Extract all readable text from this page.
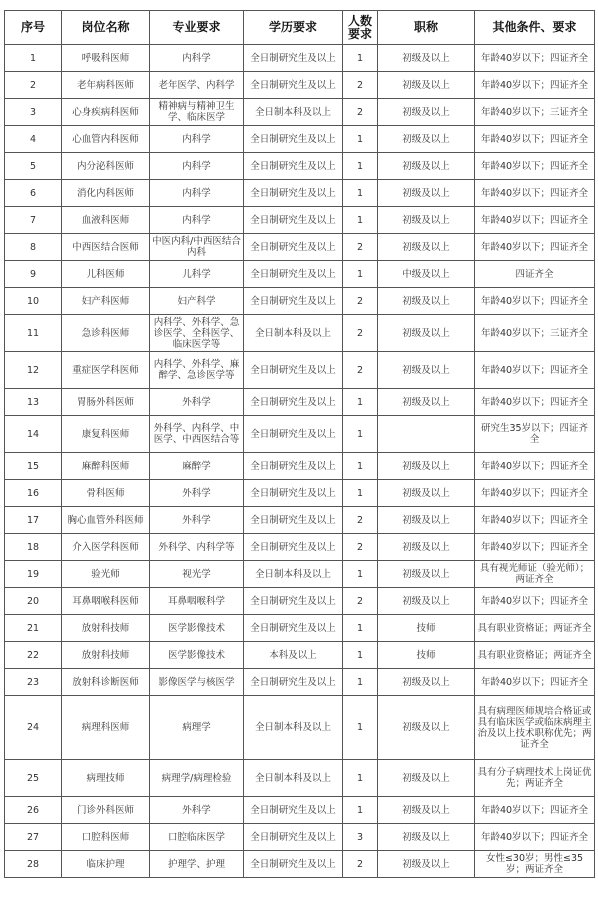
序号	岗位名称	专业要求	学历要求	人数要求	职称	其他条件、要求
1	呼吸科医师	内科学	全日制研究生及以上	1	初级及以上	年龄40岁以下；四证齐全
2	老年病科医师	老年医学、内科学	全日制研究生及以上	2	初级及以上	年龄40岁以下；四证齐全
3	心身疾病科医师	精神病与精神卫生学、临床医学	全日制本科及以上	2	初级及以上	年龄40岁以下；三证齐全
4	心血管内科医师	内科学	全日制研究生及以上	1	初级及以上	年龄40岁以下；四证齐全
5	内分泌科医师	内科学	全日制研究生及以上	1	初级及以上	年龄40岁以下；四证齐全
6	消化内科医师	内科学	全日制研究生及以上	1	初级及以上	年龄40岁以下；四证齐全
7	血液科医师	内科学	全日制研究生及以上	1	初级及以上	年龄40岁以下；四证齐全
8	中西医结合医师	中医内科/中西医结合内科	全日制研究生及以上	2	初级及以上	年龄40岁以下；四证齐全
9	儿科医师	儿科学	全日制研究生及以上	1	中级及以上	四证齐全
10	妇产科医师	妇产科学	全日制研究生及以上	2	初级及以上	年龄40岁以下；四证齐全
11	急诊科医师	内科学、外科学、急诊医学、全科医学、临床医学等	全日制本科及以上	2	初级及以上	年龄40岁以下；三证齐全
12	重症医学科医师	内科学、外科学、麻醉学、急诊医学等	全日制研究生及以上	2	初级及以上	年龄40岁以下；四证齐全
13	胃肠外科医师	外科学	全日制研究生及以上	1	初级及以上	年龄40岁以下；四证齐全
14	康复科医师	外科学、内科学、中医学、中西医结合等	全日制研究生及以上	1		研究生35岁以下；四证齐全
15	麻醉科医师	麻醉学	全日制研究生及以上	1	初级及以上	年龄40岁以下；四证齐全
16	骨科医师	外科学	全日制研究生及以上	1	初级及以上	年龄40岁以下；四证齐全
17	胸心血管外科医师	外科学	全日制研究生及以上	2	初级及以上	年龄40岁以下；四证齐全
18	介入医学科医师	外科学、内科学等	全日制研究生及以上	2	初级及以上	年龄40岁以下；四证齐全
19	验光师	视光学	全日制本科及以上	1	初级及以上	具有视光师证（验光师）；两证齐全
20	耳鼻咽喉科医师	耳鼻咽喉科学	全日制研究生及以上	2	初级及以上	年龄40岁以下；四证齐全
21	放射科技师	医学影像技术	全日制研究生及以上	1	技师	具有职业资格证；两证齐全
22	放射科技师	医学影像技术	本科及以上	1	技师	具有职业资格证；两证齐全
23	放射科诊断医师	影像医学与核医学	全日制研究生及以上	1	初级及以上	年龄40岁以下；四证齐全
24	病理科医师	病理学	全日制本科及以上	1	初级及以上	具有病理医师规培合格证或具有临床医学或临床病理主治及以上技术职称优先；两证齐全
25	病理技师	病理学/病理检验	全日制本科及以上	1	初级及以上	具有分子病理技术上岗证优先；两证齐全
26	门诊外科医师	外科学	全日制研究生及以上	1	初级及以上	年龄40岁以下；四证齐全
27	口腔科医师	口腔临床医学	全日制研究生及以上	3	初级及以上	年龄40岁以下；四证齐全
28	临床护理	护理学、护理	全日制研究生及以上	2	初级及以上	女性≤30岁；男性≤35岁；两证齐全
